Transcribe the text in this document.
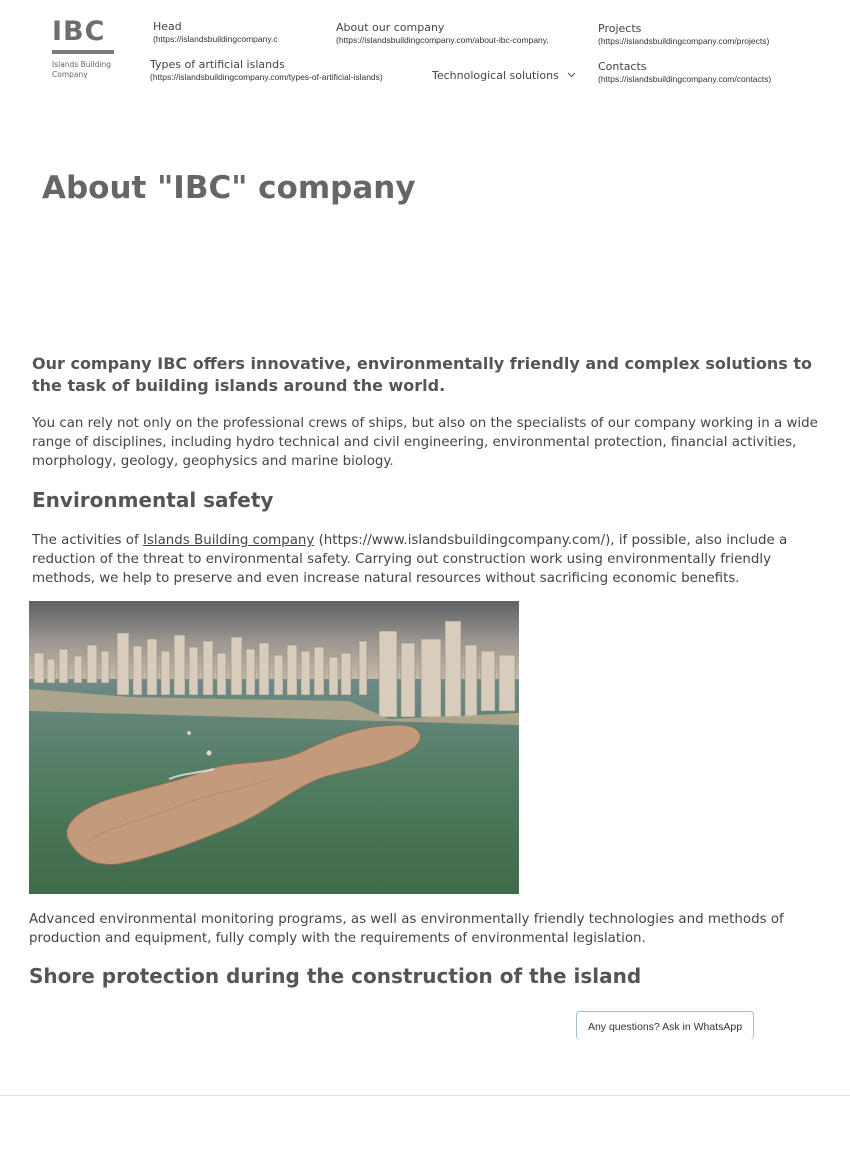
IBC
Islands Building
Company
Head
(https://islandsbuildingcompany.c
About our company
(https://islandsbuildingcompany.com/about-ibc-company,
Projects
(https://islandsbuildingcompany.com/projects)
Types of artificial islands
(https://islandsbuildingcompany.com/types-of-artificial-islands)	Technological solutions
Contacts
(https://islandsbuildingcompany.com/contacts)
About "IBC" company

Our company IBC offers innovative, environmentally friendly and complex solutions to the task of building islands around the world.

You can rely not only on the professional crews of ships, but also on the specialists of our company working in a wide range of disciplines, including hydro technical and civil engineering, environmental protection, financial activities, morphology, geology, geophysics and marine biology.

Environmental safety

The activities of Islands Building company (https://www.islandsbuildingcompany.com/), if possible, also include a reduction of the threat to environmental safety. Carrying out construction work using environmentally friendly methods, we help to preserve and even increase natural resources without sacrificing economic benefits.

Advanced environmental monitoring programs, as well as environmentally friendly technologies and methods of production and equipment, fully comply with the requirements of environmental legislation.

Shore protection during the construction of the island
Any questions? Ask in WhatsApp
